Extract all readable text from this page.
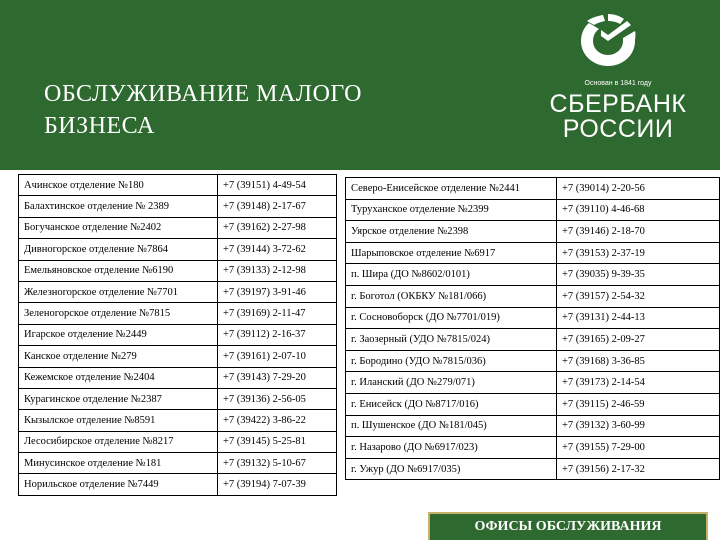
ОБСЛУЖИВАНИЕ МАЛОГО
БИЗНЕСА
Основан в 1841 году
СБЕРБАНК
РОССИИ
Ачинское отделение №180	+7 (39151) 4-49-54
Балахтинское отделение № 2389	+7 (39148) 2-17-67
Богучанское отделение №2402	+7 (39162) 2-27-98
Дивногорское отделение №7864	+7 (39144) 3-72-62
Емельяновское отделение №6190	+7 (39133) 2-12-98
Железногорское отделение №7701	+7 (39197) 3-91-46
Зеленогорское отделение №7815	+7 (39169) 2-11-47
Игарское отделение №2449	+7 (39112) 2-16-37
Канское отделение №279	+7 (39161) 2-07-10
Кежемское отделение №2404	+7 (39143) 7-29-20
Курагинское отделение №2387	+7 (39136) 2-56-05
Кызылское отделение №8591	+7 (39422) 3-86-22
Лесосибирское отделение №8217	+7 (39145) 5-25-81
Минусинское отделение №181	+7 (39132) 5-10-67
Норильское отделение №7449	+7 (39194) 7-07-39
Северо-Енисейское отделение №2441	+7 (39014) 2-20-56
Туруханское отделение №2399	+7 (39110) 4-46-68
Уярское отделение №2398	+7 (39146) 2-18-70
Шарыповское отделение №6917	+7 (39153) 2-37-19
п. Шира (ДО №8602/0101)	+7 (39035) 9-39-35
г. Боготол (ОКБКУ №181/066)	+7 (39157) 2-54-32
г. Сосновоборск (ДО №7701/019)	+7 (39131) 2-44-13
г. Заозерный (УДО №7815/024)	+7 (39165) 2-09-27
г. Бородино (УДО №7815/036)	+7 (39168) 3-36-85
г. Иланский (ДО №279/071)	+7 (39173) 2-14-54
г. Енисейск (ДО №8717/016)	+7 (39115) 2-46-59
п. Шушенское (ДО №181/045)	+7 (39132) 3-60-99
г. Назарово (ДО №6917/023)	+7 (39155) 7-29-00
г. Ужур (ДО №6917/035)	+7 (39156) 2-17-32
ОФИСЫ ОБСЛУЖИВАНИЯ
